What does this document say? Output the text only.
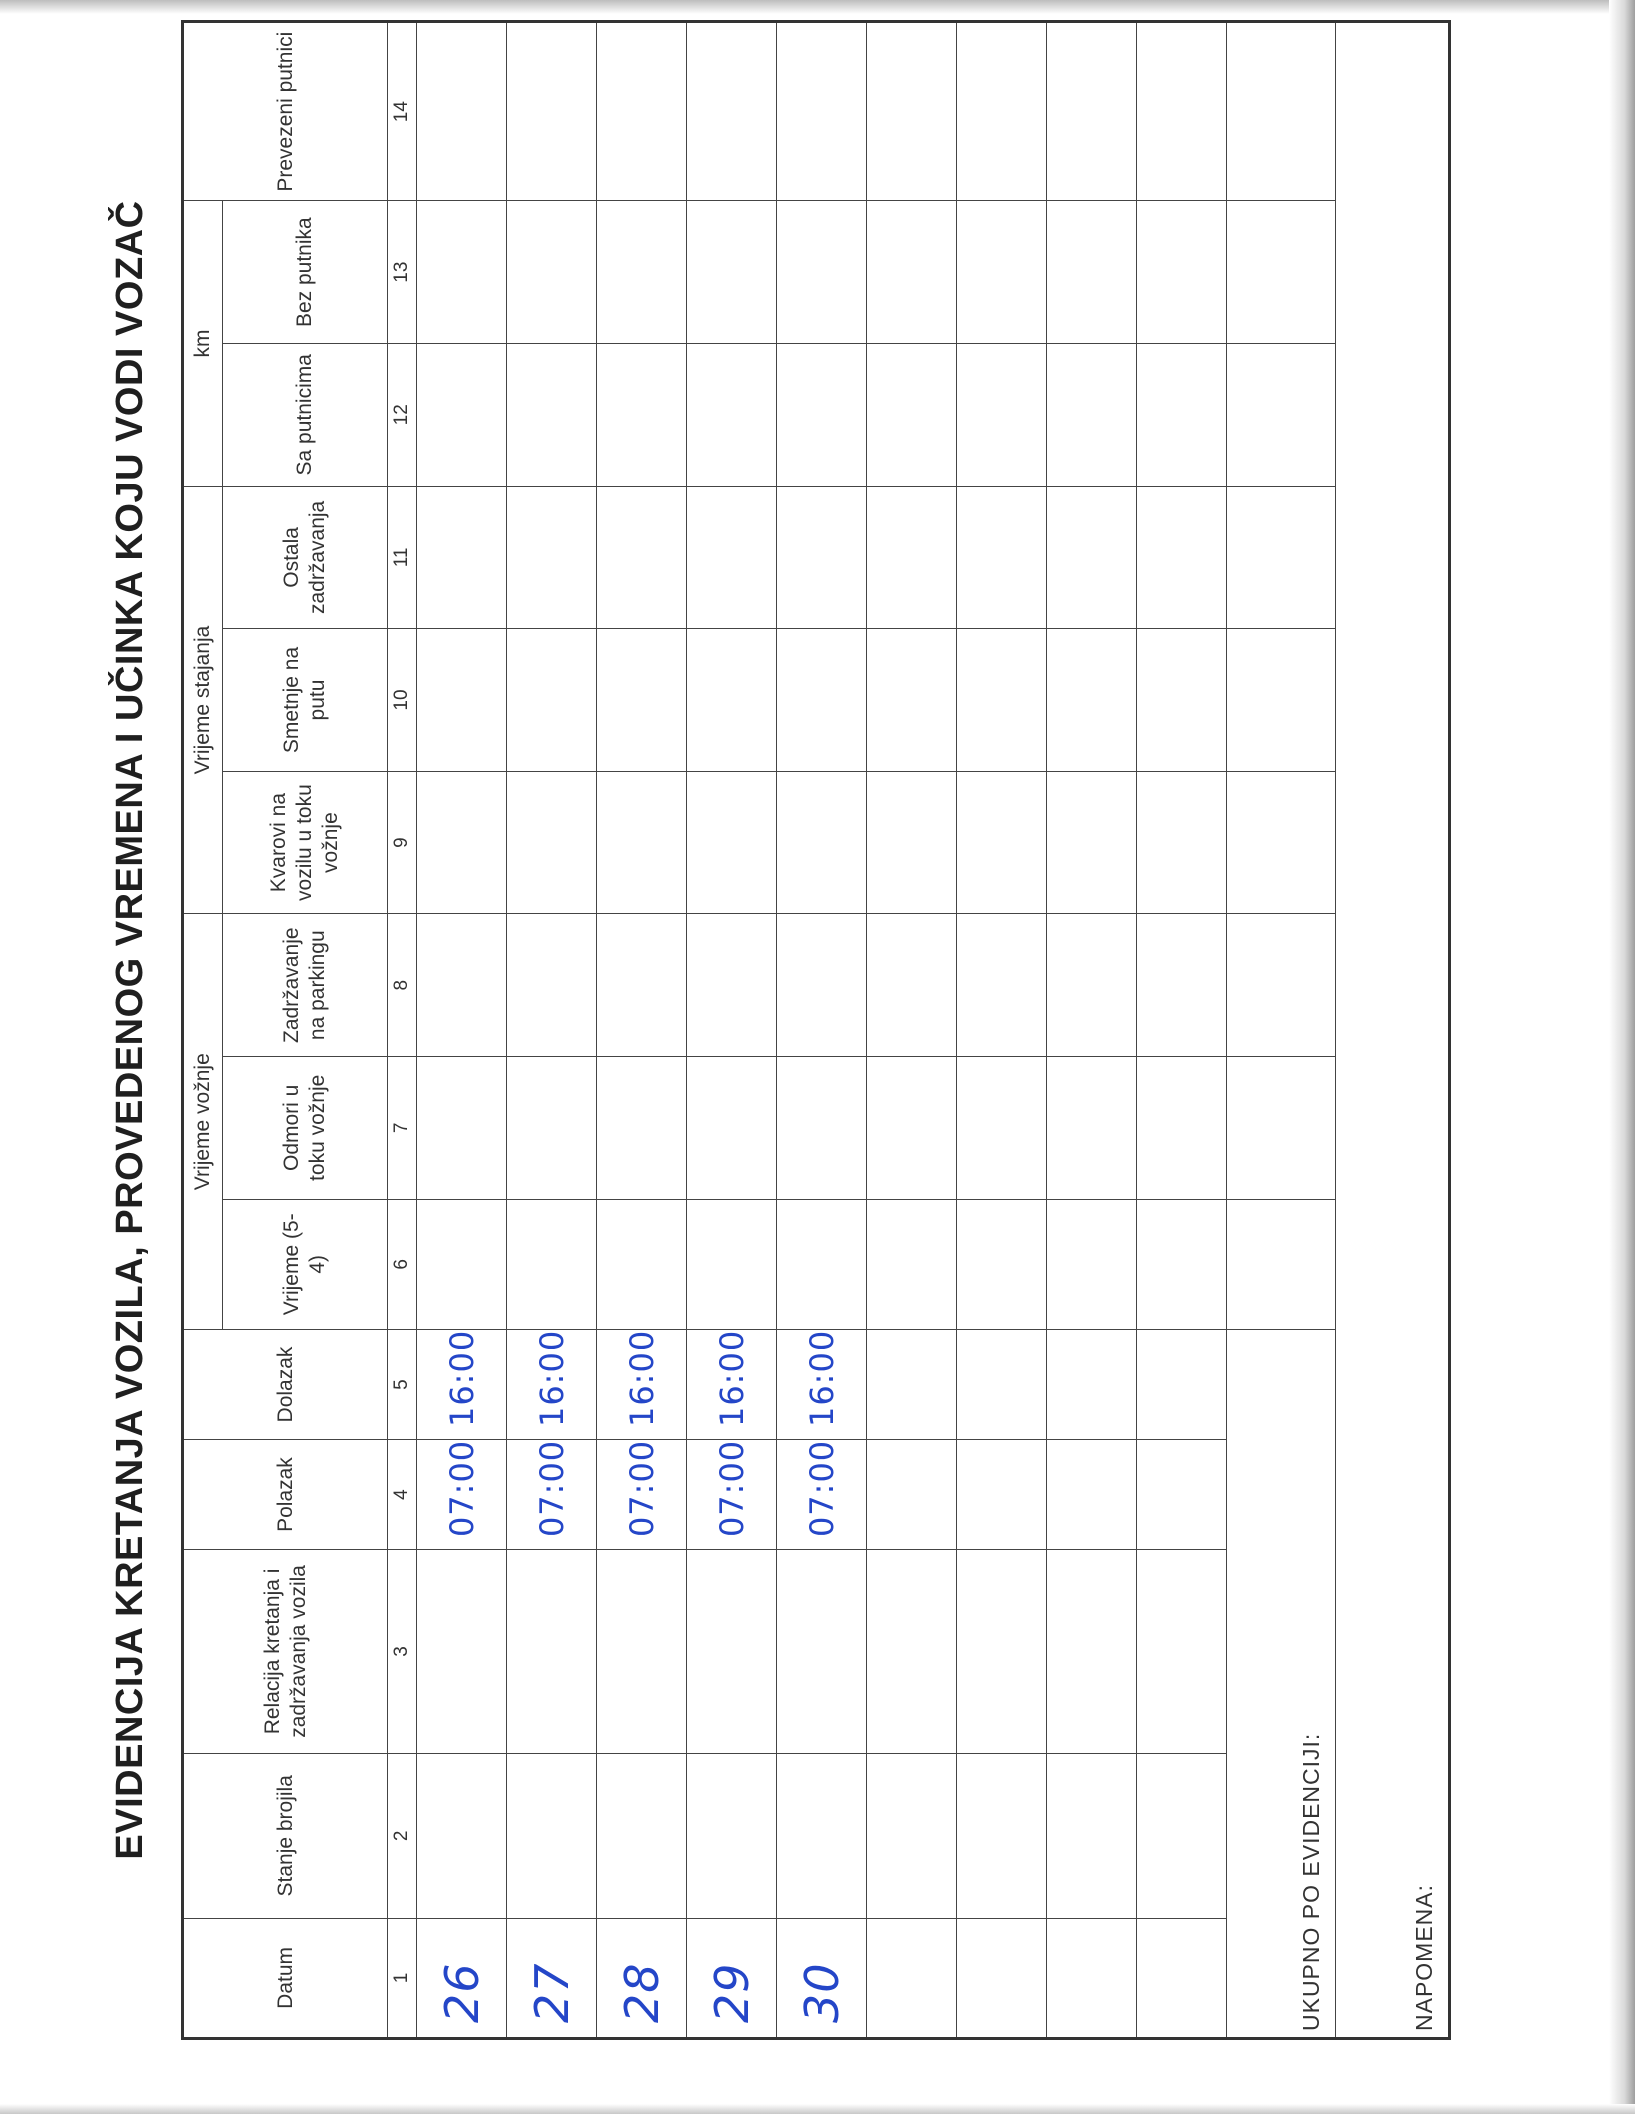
EVIDENCIJA KRETANJA VOZILA, PROVEDENOG VREMENA I UČINKA KOJU VODI VOZAČ
Datum	Stanje brojila	Relacija kretanja i zadržavanja vozila	Polazak	Dolazak	Vrijeme vožnje			Vrijeme stajanja			km		Prevezeni putnici
					Vrijeme (5-4)	Odmori u toku vožnje	Zadržavanje na parkingu	Kvarovi na vozilu u toku vožnje	Smetnje na putu	Ostala zadržavanja	Sa putnicima	Bez putnika	
1	2	3	4	5	6	7	8	9	10	11	12	13	14
26			07:00	16:00									
27			07:00	16:00									
28			07:00	16:00									
29			07:00	16:00									
30			07:00	16:00									

UKUPNO PO EVIDENCIJI:													
NAPOMENA:													
